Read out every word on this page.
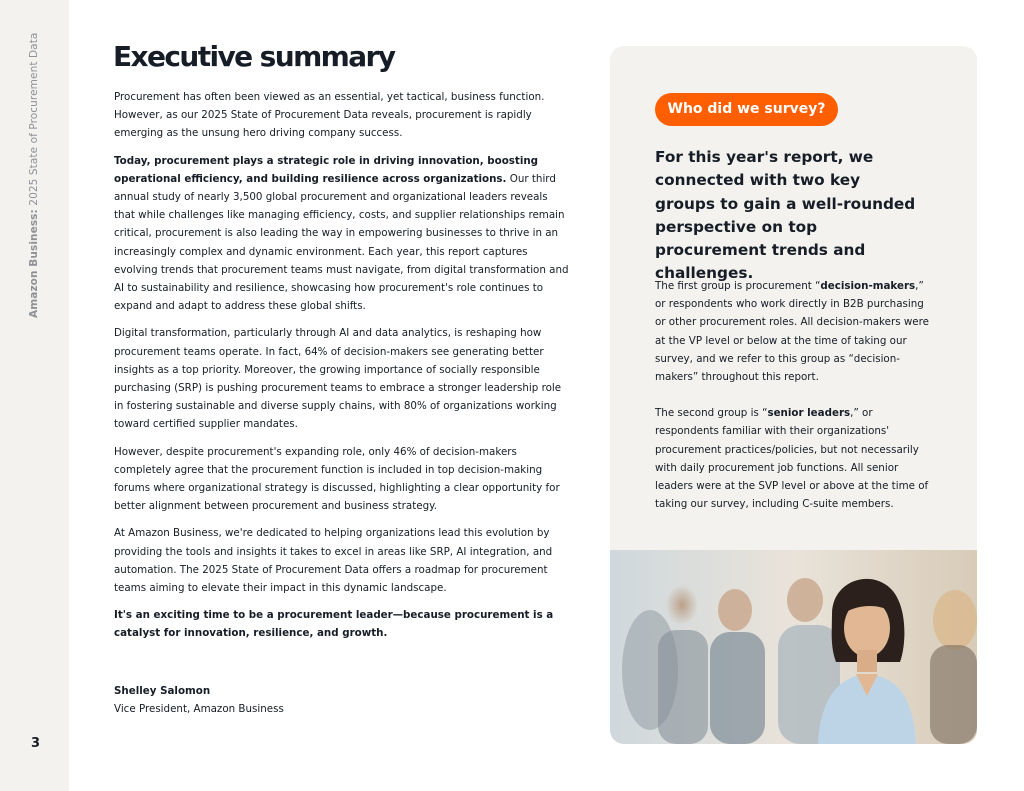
Amazon Business: 2025 State of Procurement Data
3
Executive summary

Procurement has often been viewed as an essential, yet tactical, business function. However, as our 2025 State of Procurement Data reveals, procurement is rapidly emerging as the unsung hero driving company success.

Today, procurement plays a strategic role in driving innovation, boosting operational efficiency, and building resilience across organizations. Our third annual study of nearly 3,500 global procurement and organizational leaders reveals that while challenges like managing efficiency, costs, and supplier relationships remain critical, procurement is also leading the way in empowering businesses to thrive in an increasingly complex and dynamic environment. Each year, this report captures evolving trends that procurement teams must navigate, from digital transformation and AI to sustainability and resilience, showcasing how procurement's role continues to expand and adapt to address these global shifts.

Digital transformation, particularly through AI and data analytics, is reshaping how procurement teams operate. In fact, 64% of decision-makers see generating better insights as a top priority. Moreover, the growing importance of socially responsible purchasing (SRP) is pushing procurement teams to embrace a stronger leadership role in fostering sustainable and diverse supply chains, with 80% of organizations working toward certified supplier mandates.

However, despite procurement's expanding role, only 46% of decision-makers completely agree that the procurement function is included in top decision-making forums where organizational strategy is discussed, highlighting a clear opportunity for better alignment between procurement and business strategy.

At Amazon Business, we're dedicated to helping organizations lead this evolution by providing the tools and insights it takes to excel in areas like SRP, AI integration, and automation. The 2025 State of Procurement Data offers a roadmap for procurement teams aiming to elevate their impact in this dynamic landscape.

It's an exciting time to be a procurement leader—because procurement is a catalyst for innovation, resilience, and growth.

Shelley Salomon
Vice President, Amazon Business
Who did we survey?

For this year's report, we connected with two key groups to gain a well-rounded perspective on top procurement trends and challenges.

The first group is procurement “decision-makers,” or respondents who work directly in B2B purchasing or other procurement roles. All decision-makers were at the VP level or below at the time of taking our survey, and we refer to this group as “decision-makers” throughout this report.

The second group is “senior leaders,” or respondents familiar with their organizations' procurement practices/policies, but not necessarily with daily procurement job functions. All senior leaders were at the SVP level or above at the time of taking our survey, including C-suite members.
